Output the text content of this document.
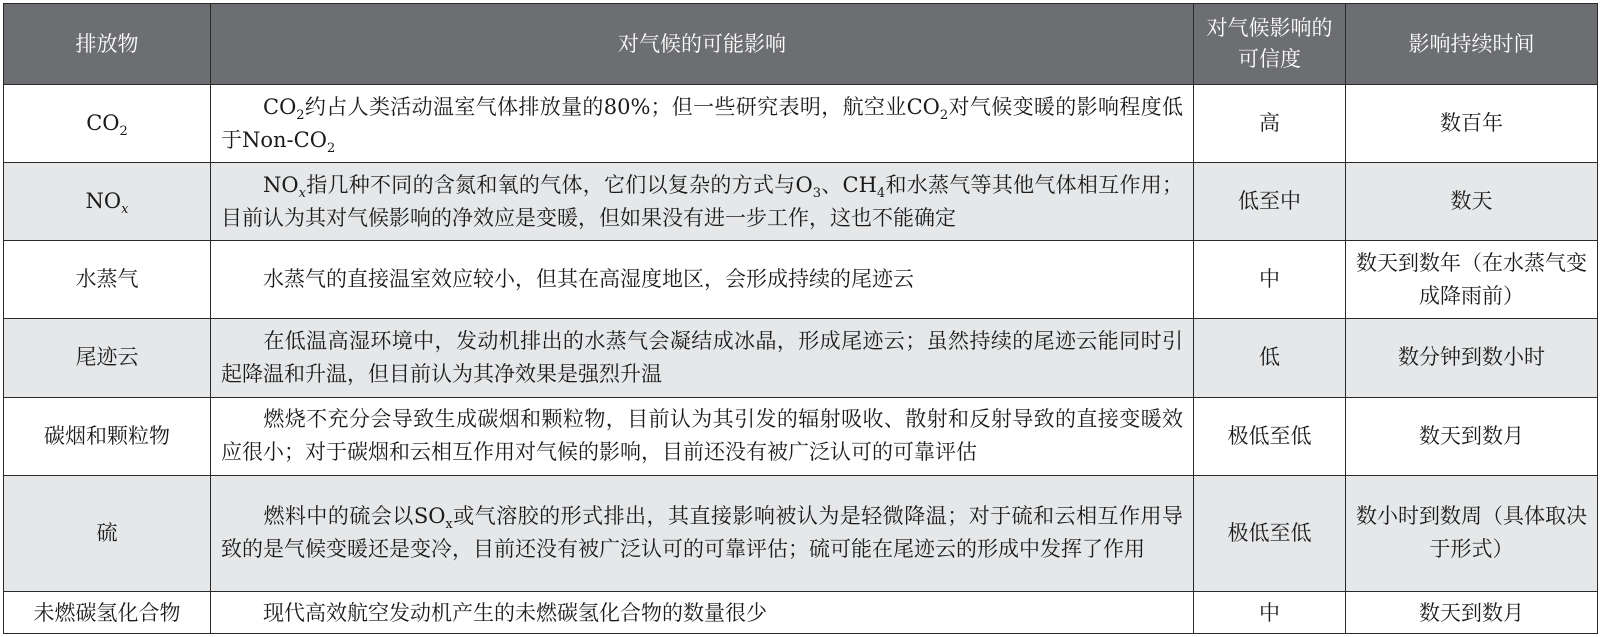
排放物	对气候的可能影响	对气候影响的可信度	影响持续时间
$CO_2$	$CO_2$约占人类活动温室气体排放量的80%；但一些研究表明，航空业$CO_2$对气候变暖的影响程度低于Non-$CO_2$	高	数百年
$NO_x$	$NO_x$指几种不同的含氮和氧的气体，它们以复杂的方式与$O_3$、$CH_4$和水蒸气等其他气体相互作用；目前认为其对气候影响的净效应是变暖，但如果没有进一步工作，这也不能确定	低至中	数天
水蒸气	水蒸气的直接温室效应较小，但其在高湿度地区，会形成持续的尾迹云	中	数天到数年（在水蒸气变成降雨前）
尾迹云	在低温高湿环境中，发动机排出的水蒸气会凝结成冰晶，形成尾迹云；虽然持续的尾迹云能同时引起降温和升温，但目前认为其净效果是强烈升温	低	数分钟到数小时
碳烟和颗粒物	燃烧不充分会导致生成碳烟和颗粒物，目前认为其引发的辐射吸收、散射和反射导致的直接变暖效应很小；对于碳烟和云相互作用对气候的影响，目前还没有被广泛认可的可靠评估	极低至低	数天到数月
硫	燃料中的硫会以$SO_x$或气溶胶的形式排出，其直接影响被认为是轻微降温；对于硫和云相互作用导致的是气候变暖还是变冷，目前还没有被广泛认可的可靠评估；硫可能在尾迹云的形成中发挥了作用	极低至低	数小时到数周（具体取决于形式）
未燃碳氢化合物	现代高效航空发动机产生的未燃碳氢化合物的数量很少	中	数天到数月
